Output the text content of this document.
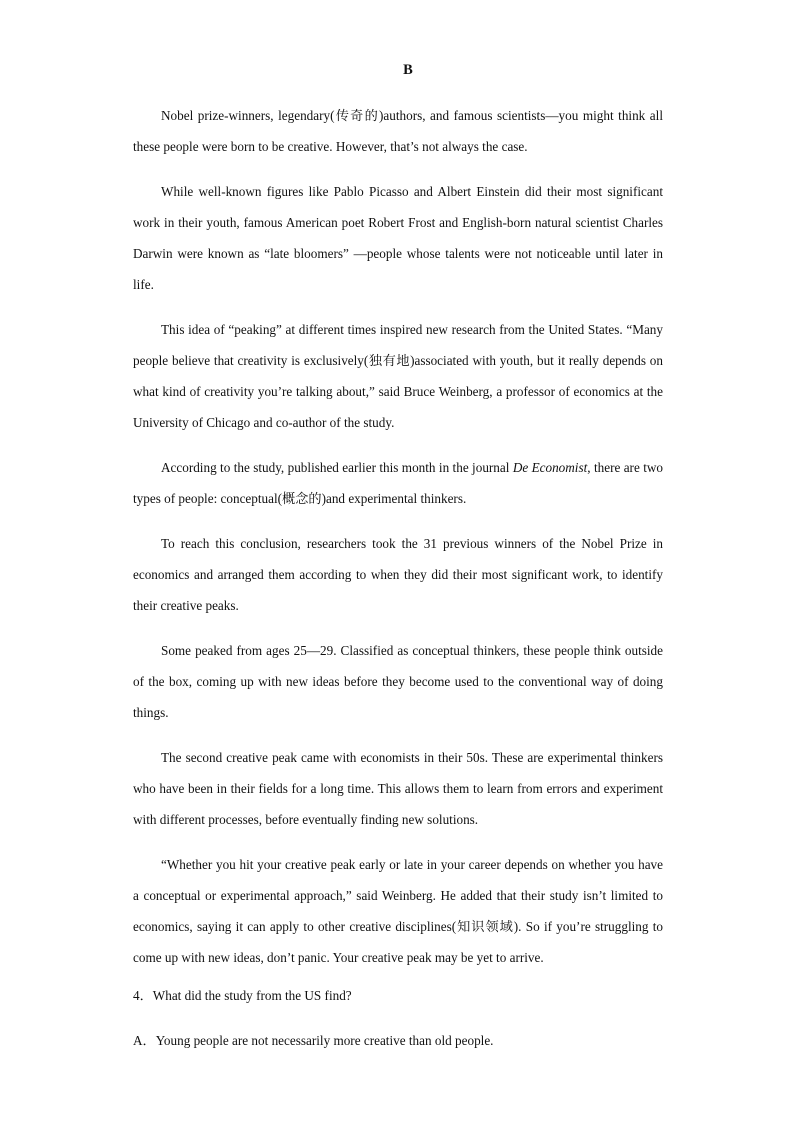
B

Nobel prize-winners, legendary(传奇的)authors, and famous scientists—you might think all these people were born to be creative. However, that’s not always the case.

While well-known figures like Pablo Picasso and Albert Einstein did their most significant work in their youth, famous American poet Robert Frost and English-born natural scientist Charles Darwin were known as “late bloomers” —people whose talents were not noticeable until later in life.

This idea of “peaking” at different times inspired new research from the United States. “Many people believe that creativity is exclusively(独有地)associated with youth, but it really depends on what kind of creativity you’re talking about,” said Bruce Weinberg, a professor of economics at the University of Chicago and co-author of the study.

According to the study, published earlier this month in the journal De Economist, there are two types of people: conceptual(概念的)and experimental thinkers.

To reach this conclusion, researchers took the 31 previous winners of the Nobel Prize in economics and arranged them according to when they did their most significant work, to identify their creative peaks.

Some peaked from ages 25—29. Classified as conceptual thinkers, these people think outside of the box, coming up with new ideas before they become used to the conventional way of doing things.

The second creative peak came with economists in their 50s. These are experimental thinkers who have been in their fields for a long time. This allows them to learn from errors and experiment with different processes, before eventually finding new solutions.

“Whether you hit your creative peak early or late in your career depends on whether you have a conceptual or experimental approach,” said Weinberg. He added that their study isn’t limited to economics, saying it can apply to other creative disciplines(知识领域). So if you’re struggling to come up with new ideas, don’t panic. Your creative peak may be yet to arrive.

4．What did the study from the US find?
A．Young people are not necessarily more creative than old people.
